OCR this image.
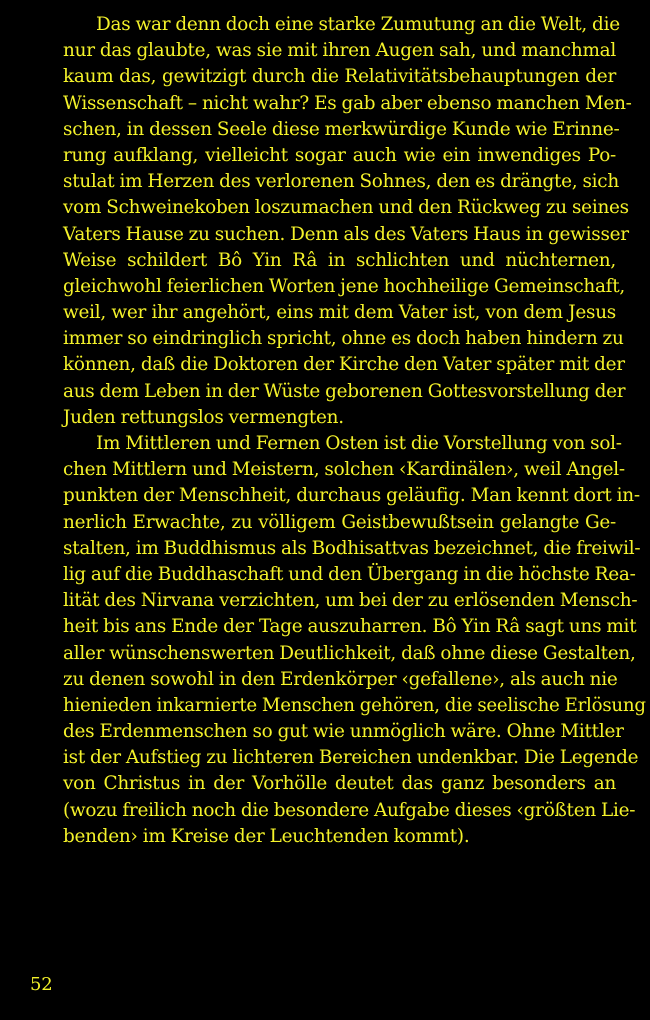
Das war denn doch eine starke Zumutung an die Welt, die
nur das glaubte, was sie mit ihren Augen sah, und manchmal
kaum das, gewitzigt durch die Relativitätsbehauptungen der
Wissenschaft – nicht wahr? Es gab aber ebenso manchen Men-
schen, in dessen Seele diese merkwürdige Kunde wie Erinne-
rung aufklang, vielleicht sogar auch wie ein inwendiges Po-
stulat im Herzen des verlorenen Sohnes, den es drängte, sich
vom Schweinekoben loszumachen und den Rückweg zu seines
Vaters Hause zu suchen. Denn als des Vaters Haus in gewisser
Weise schildert Bô Yin Râ in schlichten und nüchternen,
gleichwohl feierlichen Worten jene hochheilige Gemeinschaft,
weil, wer ihr angehört, eins mit dem Vater ist, von dem Jesus
immer so eindringlich spricht, ohne es doch haben hindern zu
können, daß die Doktoren der Kirche den Vater später mit der
aus dem Leben in der Wüste geborenen Gottesvorstellung der
Juden rettungslos vermengten.
Im Mittleren und Fernen Osten ist die Vorstellung von sol-
chen Mittlern und Meistern, solchen ‹Kardinälen›, weil Angel-
punkten der Menschheit, durchaus geläufig. Man kennt dort in-
nerlich Erwachte, zu völligem Geistbewußtsein gelangte Ge-
stalten, im Buddhismus als Bodhisattvas bezeichnet, die freiwil-
lig auf die Buddhaschaft und den Übergang in die höchste Rea-
lität des Nirvana verzichten, um bei der zu erlösenden Mensch-
heit bis ans Ende der Tage auszuharren. Bô Yin Râ sagt uns mit
aller wünschenswerten Deutlichkeit, daß ohne diese Gestalten,
zu denen sowohl in den Erdenkörper ‹gefallene›, als auch nie
hienieden inkarnierte Menschen gehören, die seelische Erlösung
des Erdenmenschen so gut wie unmöglich wäre. Ohne Mittler
ist der Aufstieg zu lichteren Bereichen undenkbar. Die Legende
von Christus in der Vorhölle deutet das ganz besonders an
(wozu freilich noch die besondere Aufgabe dieses ‹größten Lie-
benden› im Kreise der Leuchtenden kommt).
52
